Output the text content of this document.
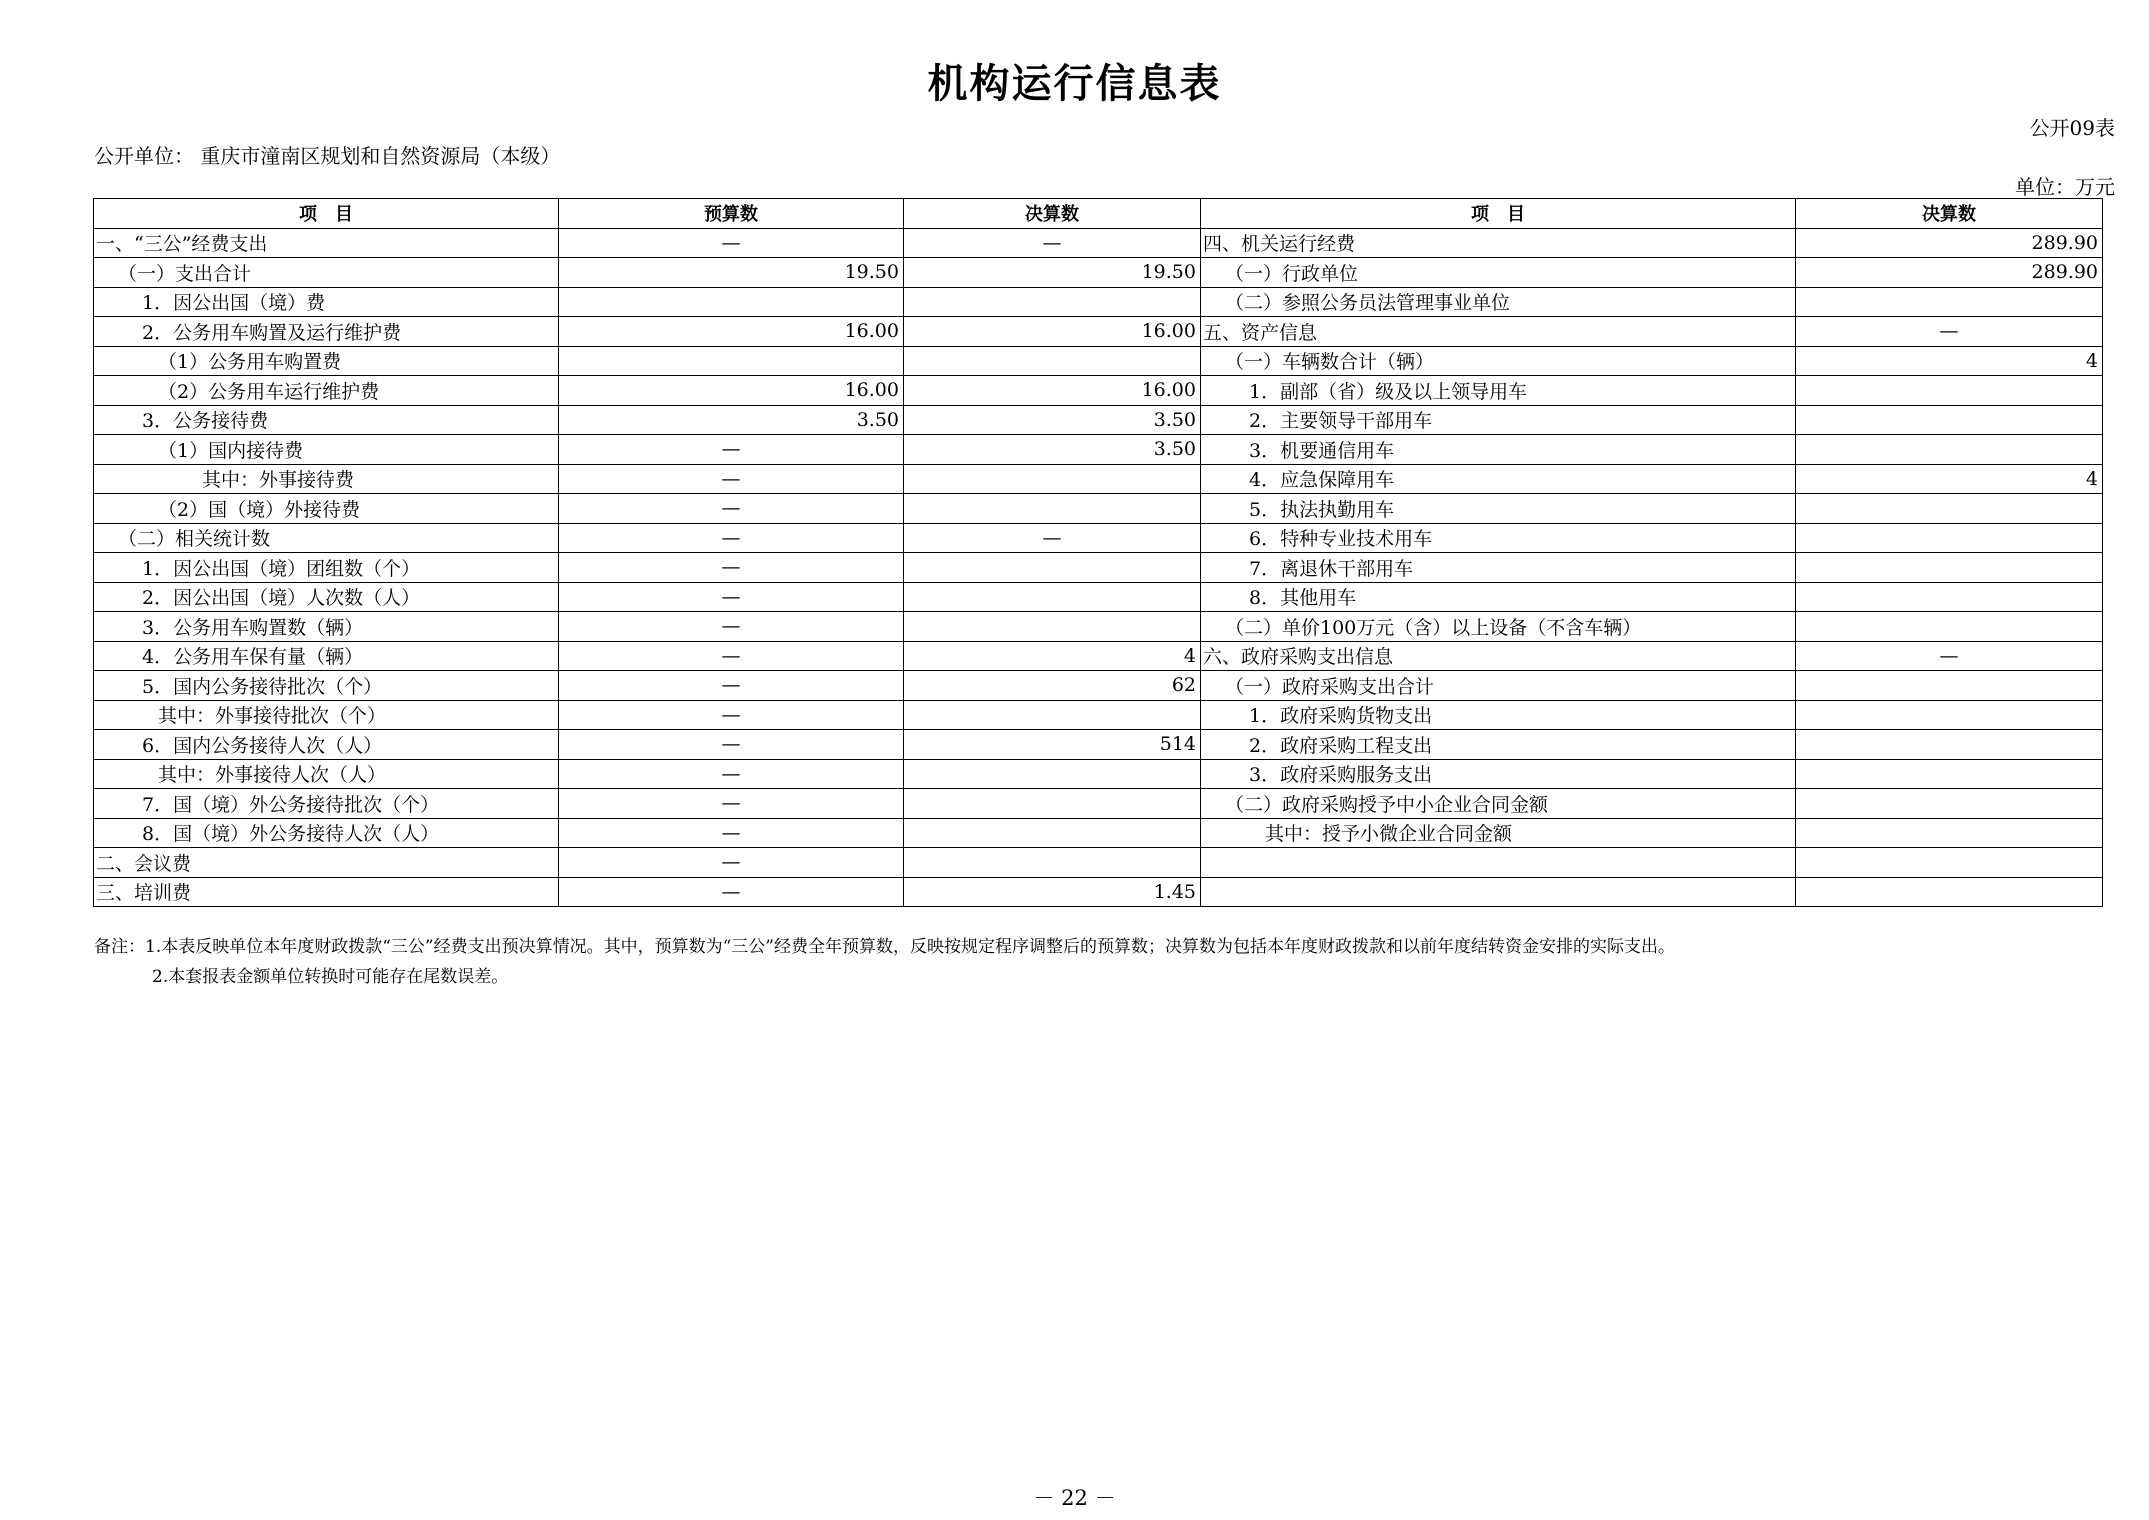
机构运行信息表
公开09表
公开单位： 重庆市潼南区规划和自然资源局（本级）
单位：万元
项　目	预算数	决算数	项　目	决算数
一、“三公”经费支出	—	—	四、机关运行经费	289.90
（一）支出合计	19.50	19.50	（一）行政单位	289.90
1．因公出国（境）费			（二）参照公务员法管理事业单位	
2．公务用车购置及运行维护费	16.00	16.00	五、资产信息	—
（1）公务用车购置费			（一）车辆数合计（辆）	4
（2）公务用车运行维护费	16.00	16.00	1．副部（省）级及以上领导用车	
3．公务接待费	3.50	3.50	2．主要领导干部用车	
（1）国内接待费	—	3.50	3．机要通信用车	
其中：外事接待费	—		4．应急保障用车	4
（2）国（境）外接待费	—		5．执法执勤用车	
（二）相关统计数	—	—	6．特种专业技术用车	
1．因公出国（境）团组数（个）	—		7．离退休干部用车	
2．因公出国（境）人次数（人）	—		8．其他用车	
3．公务用车购置数（辆）	—		（二）单价100万元（含）以上设备（不含车辆）	
4．公务用车保有量（辆）	—	4	六、政府采购支出信息	—
5．国内公务接待批次（个）	—	62	（一）政府采购支出合计	
其中：外事接待批次（个）	—		1．政府采购货物支出	
6．国内公务接待人次（人）	—	514	2．政府采购工程支出	
其中：外事接待人次（人）	—		3．政府采购服务支出	
7．国（境）外公务接待批次（个）	—		（二）政府采购授予中小企业合同金额	
8．国（境）外公务接待人次（人）	—		其中：授予小微企业合同金额	
二、会议费	—			
三、培训费	—	1.45		
备注：1.本表反映单位本年度财政拨款“三公”经费支出预决算情况。其中，预算数为“三公”经费全年预算数，反映按规定程序调整后的预算数；决算数为包括本年度财政拨款和以前年度结转资金安排的实际支出。
2.本套报表金额单位转换时可能存在尾数误差。
－ 22 －
